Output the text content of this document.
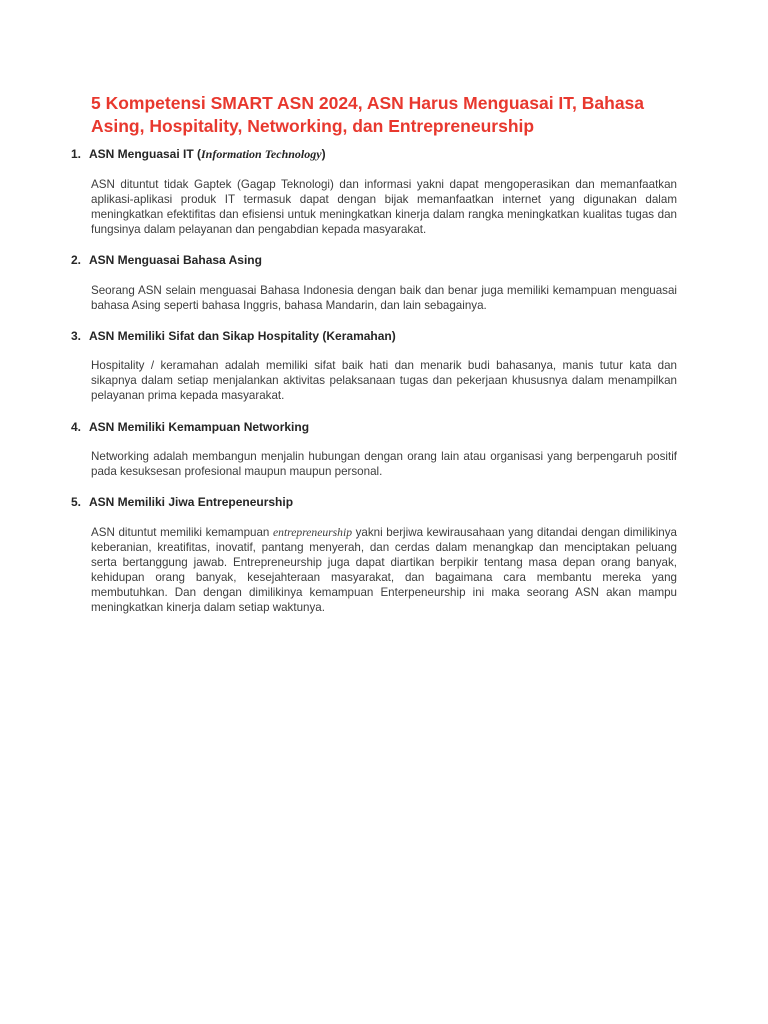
5 Kompetensi SMART ASN 2024, ASN Harus Menguasai IT, Bahasa Asing, Hospitality, Networking, dan Entrepreneurship
1. ASN Menguasai IT (Information Technology)

ASN dituntut tidak Gaptek (Gagap Teknologi) dan informasi yakni dapat mengoperasikan dan memanfaatkan aplikasi-aplikasi produk IT termasuk dapat dengan bijak memanfaatkan internet yang digunakan dalam meningkatkan efektifitas dan efisiensi untuk meningkatkan kinerja dalam rangka meningkatkan kualitas tugas dan fungsinya dalam pelayanan dan pengabdian kepada masyarakat.

2. ASN Menguasai Bahasa Asing

Seorang ASN selain menguasai Bahasa Indonesia dengan baik dan benar juga memiliki kemampuan menguasai bahasa Asing seperti bahasa Inggris, bahasa Mandarin, dan lain sebagainya.

3. ASN Memiliki Sifat dan Sikap Hospitality (Keramahan)

Hospitality / keramahan adalah memiliki sifat baik hati dan menarik budi bahasanya, manis tutur kata dan sikapnya dalam setiap menjalankan aktivitas pelaksanaan tugas dan pekerjaan khususnya dalam menampilkan pelayanan prima kepada masyarakat.

4. ASN Memiliki Kemampuan Networking

Networking adalah membangun menjalin hubungan dengan orang lain atau organisasi yang berpengaruh positif pada kesuksesan profesional maupun maupun personal.

5. ASN Memiliki Jiwa Entrepeneurship

ASN dituntut memiliki kemampuan entrepreneurship yakni berjiwa kewirausahaan yang ditandai dengan dimilikinya keberanian, kreatifitas, inovatif, pantang menyerah, dan cerdas dalam menangkap dan menciptakan peluang serta bertanggung jawab. Entrepreneurship juga dapat diartikan berpikir tentang masa depan orang banyak, kehidupan orang banyak, kesejahteraan masyarakat, dan bagaimana cara membantu mereka yang membutuhkan. Dan dengan dimilikinya kemampuan Enterpeneurship ini maka seorang ASN akan mampu meningkatkan kinerja dalam setiap waktunya.
